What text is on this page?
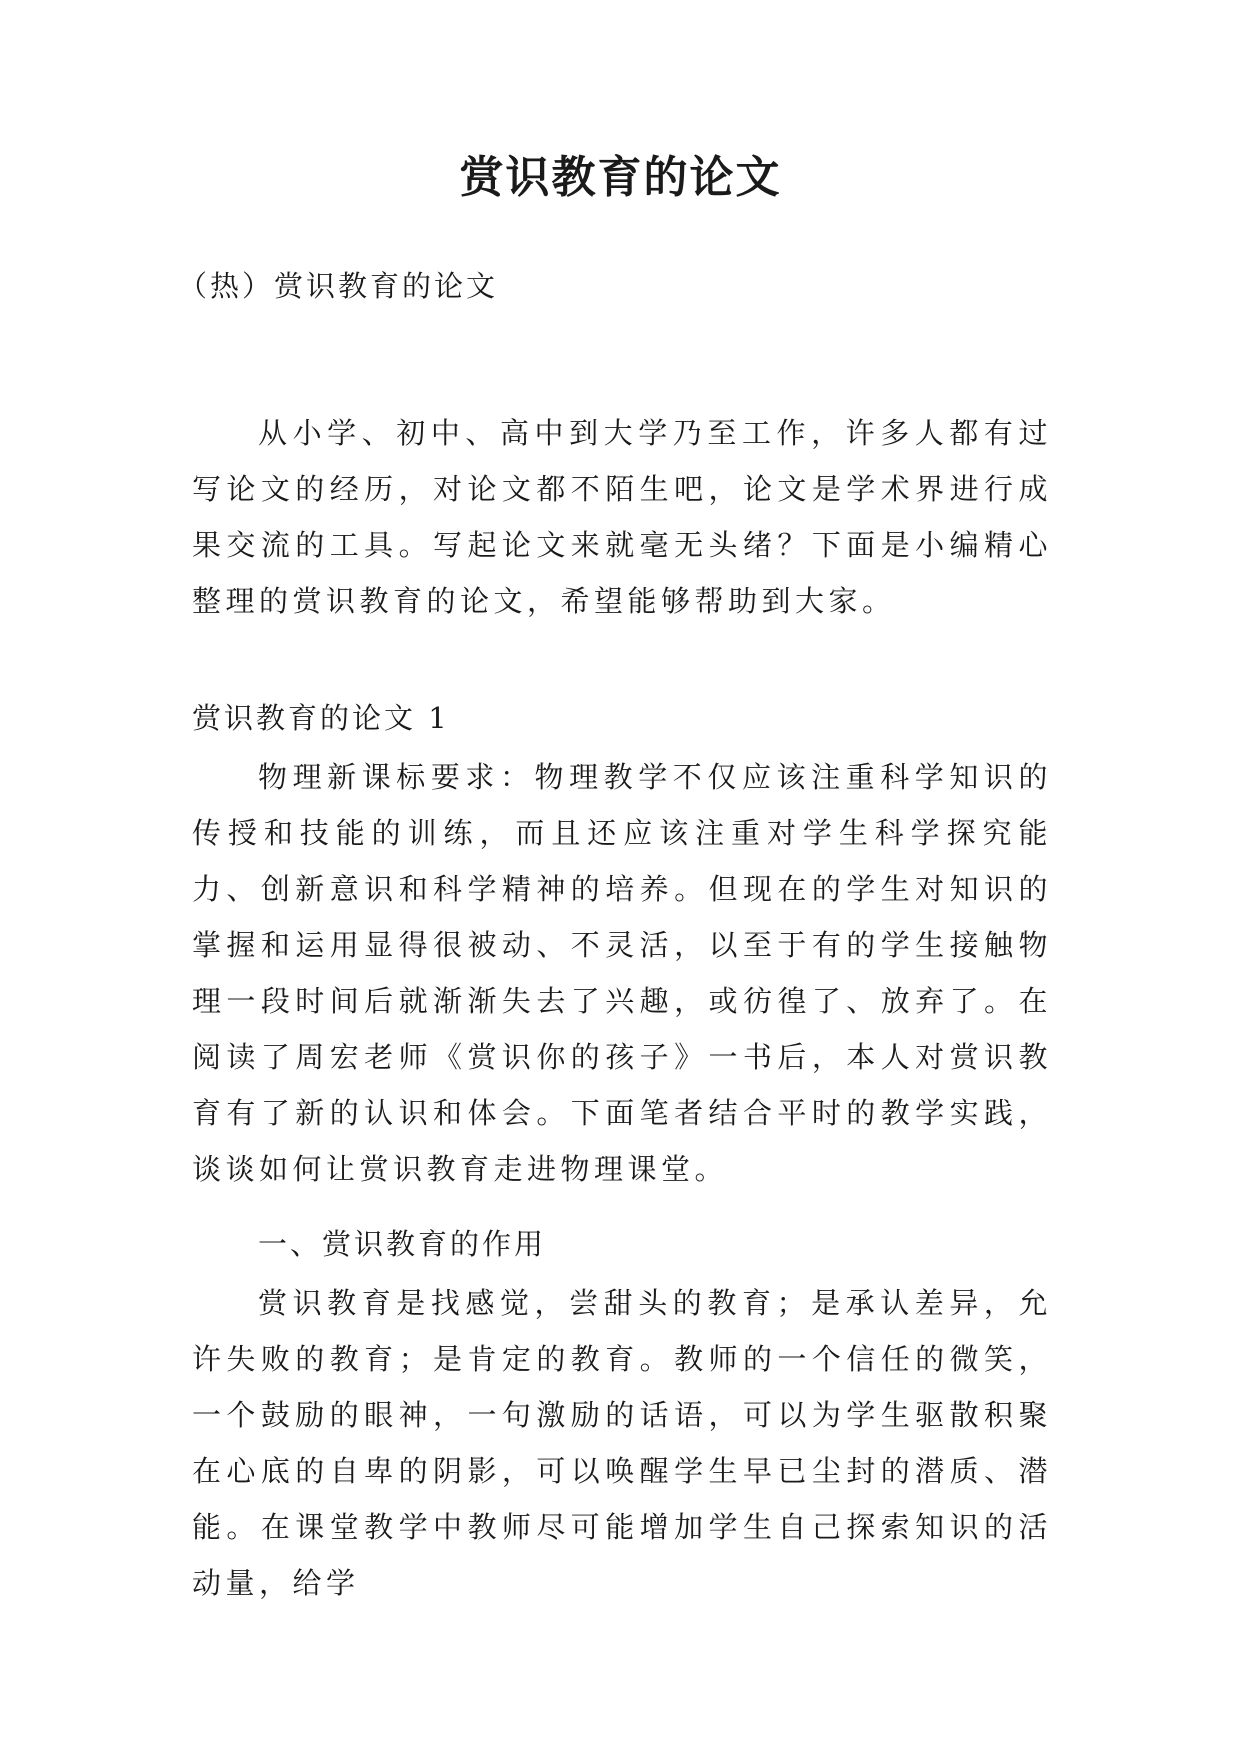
赏识教育的论文
（热）赏识教育的论文

从小学、初中、高中到大学乃至工作，许多人都有过写论文的经历，对论文都不陌生吧，论文是学术界进行成果交流的工具。写起论文来就毫无头绪？下面是小编精心整理的赏识教育的论文，希望能够帮助到大家。

赏识教育的论文 1

物理新课标要求：物理教学不仅应该注重科学知识的传授和技能的训练，而且还应该注重对学生科学探究能力、创新意识和科学精神的培养。但现在的学生对知识的掌握和运用显得很被动、不灵活，以至于有的学生接触物理一段时间后就渐渐失去了兴趣，或彷徨了、放弃了。在阅读了周宏老师《赏识你的孩子》一书后，本人对赏识教育有了新的认识和体会。下面笔者结合平时的教学实践，谈谈如何让赏识教育走进物理课堂。

一、赏识教育的作用

赏识教育是找感觉，尝甜头的教育；是承认差异，允许失败的教育；是肯定的教育。教师的一个信任的微笑，一个鼓励的眼神，一句激励的话语，可以为学生驱散积聚在心底的自卑的阴影，可以唤醒学生早已尘封的潜质、潜能。在课堂教学中教师尽可能增加学生自己探索知识的活动量，给学
